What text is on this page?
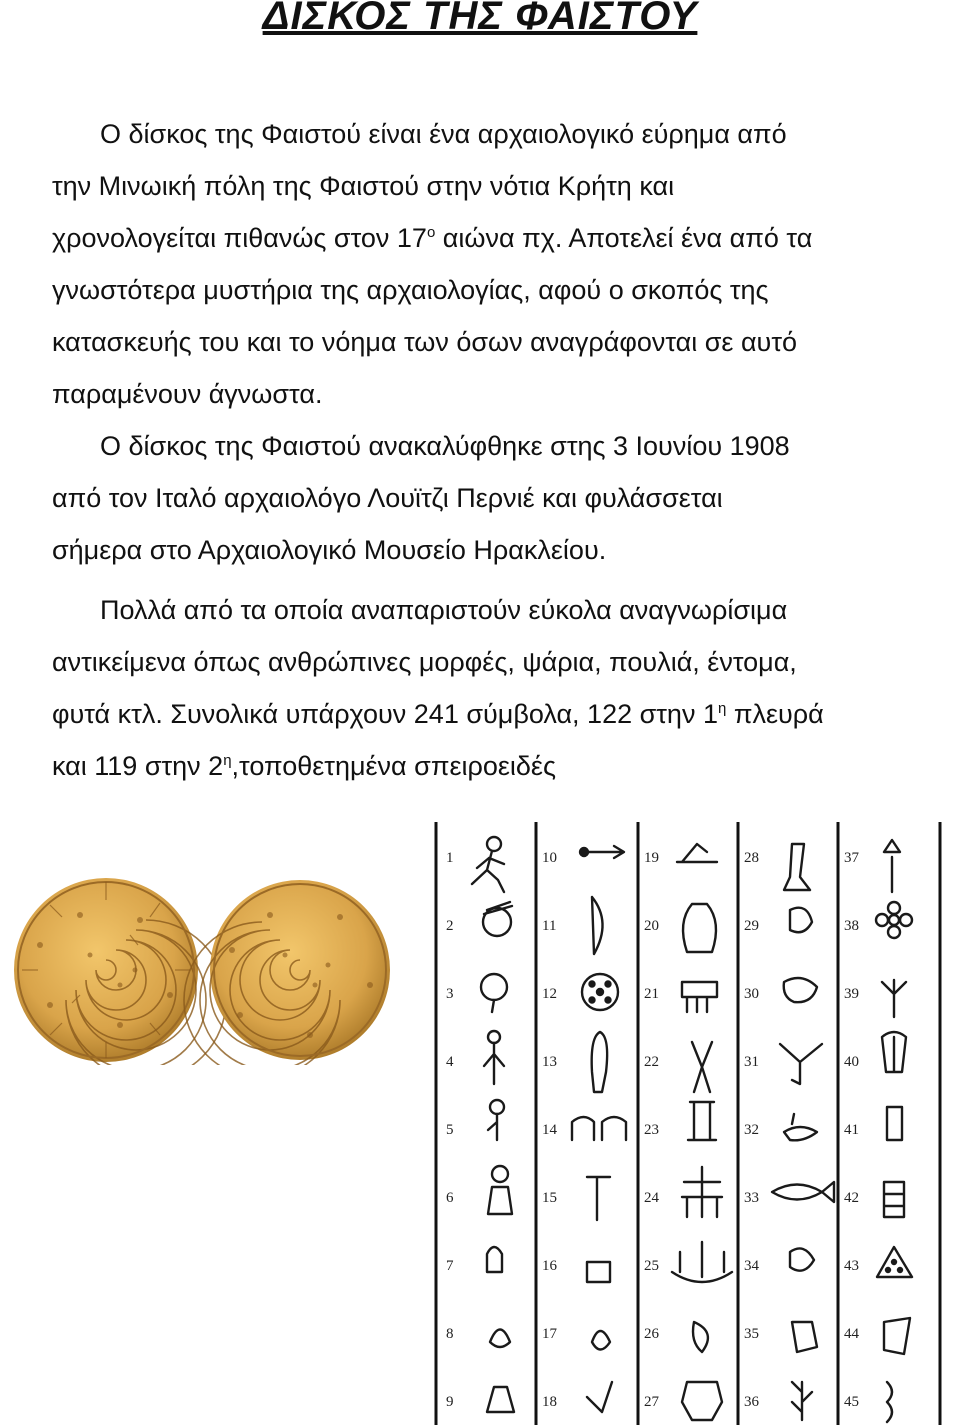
ΔΙΣΚΟΣ ΤΗΣ ΦΑΙΣΤΟΥ
Ο δίσκος της Φαιστού είναι ένα αρχαιολογικό εύρημα από
την Μινωική πόλη της Φαιστού στην νότια Κρήτη και
χρονολογείται πιθανώς στον $17^o$ αιώνα πχ. Αποτελεί ένα από τα
γνωστότερα μυστήρια της αρχαιολογίας, αφού ο σκοπός της
κατασκευής του και το νόημα των όσων αναγράφονται σε αυτό
παραμένουν άγνωστα.
Ο δίσκος της Φαιστού ανακαλύφθηκε στης 3 Ιουνίου 1908
από τον Ιταλό αρχαιολόγο Λουϊτζι Περνιέ και φυλάσσεται
σήμερα στο Αρχαιολογικό Μουσείο Ηρακλείου.
Πολλά από τα οποία αναπαριστούν εύκολα αναγνωρίσιμα
αντικείμενα όπως ανθρώπινες μορφές, ψάρια, πουλιά, έντομα,
φυτά κτλ. Συνολικά υπάρχουν 241 σύμβολα, 122 στην $1^\eta$ πλευρά
και 119 στην $2^\eta,\tau o\pi o\theta\varepsilon\tau\eta\mu έ\nu\alpha$ σπειροειδές
1
2
3
4
5
6
7
8
9
10
11
12
13
14
15
16
17
18
19
20
21
22
23
24
25
26
27
28
29
30
31
32
33
34
35
36
37
38
39
40
41
42
43
44
45
